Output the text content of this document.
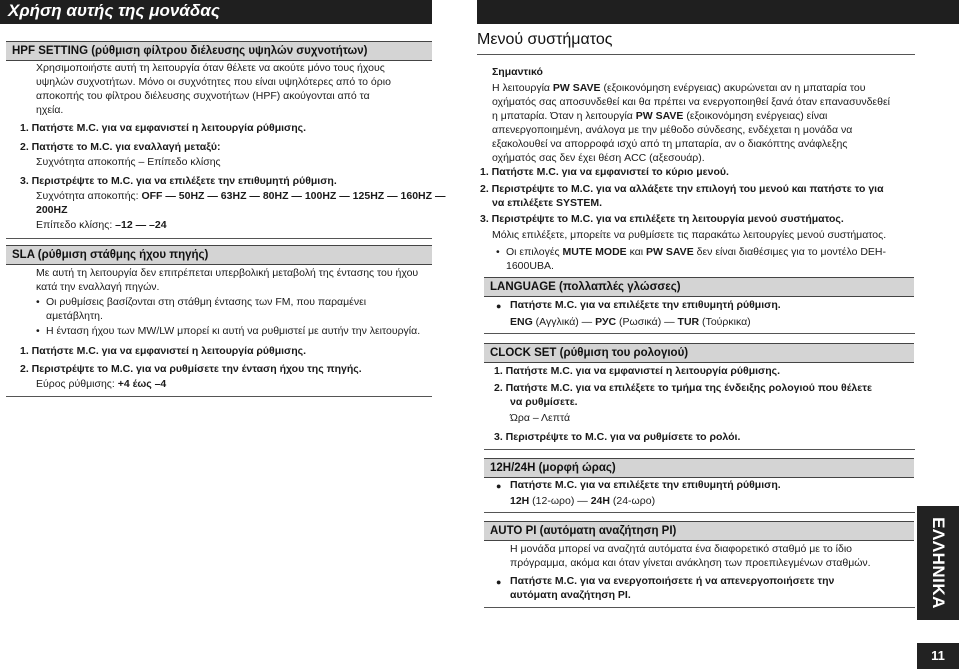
Χρήση αυτής της μονάδας
HPF SETTING (ρύθμιση φίλτρου διέλευσης υψηλών συχνοτήτων)
Χρησιμοποιήστε αυτή τη λειτουργία όταν θέλετε να ακούτε μόνο τους ήχους
υψηλών συχνοτήτων. Μόνο οι συχνότητες που είναι υψηλότερες από το όριο
αποκοπής του φίλτρου διέλευσης συχνοτήτων (HPF) ακούγονται από τα
ηχεία.
1. Πατήστε M.C. για να εμφανιστεί η λειτουργία ρύθμισης.
2. Πατήστε το M.C. για εναλλαγή μεταξύ:
Συχνότητα αποκοπής – Επίπεδο κλίσης
3. Περιστρέψτε το M.C. για να επιλέξετε την επιθυμητή ρύθμιση.
Συχνότητα αποκοπής: OFF — 50HZ — 63HZ — 80HZ — 100HZ — 125HZ — 160HZ —
200HZ
Επίπεδο κλίσης: –12 — –24
SLA (ρύθμιση στάθμης ήχου πηγής)
Με αυτή τη λειτουργία δεν επιτρέπεται υπερβολική μεταβολή της έντασης του ήχου
κατά την εναλλαγή πηγών.
• Οι ρυθμίσεις βασίζονται στη στάθμη έντασης των FM, που παραμένει
αμετάβλητη.
• Η ένταση ήχου των MW/LW μπορεί κι αυτή να ρυθμιστεί με αυτήν την λειτουργία.
1. Πατήστε M.C. για να εμφανιστεί η λειτουργία ρύθμισης.
2. Περιστρέψτε το M.C. για να ρυθμίσετε την ένταση ήχου της πηγής.
Εύρος ρύθμισης: +4 έως –4
Μενού συστήματος
Σημαντικό
Η λειτουργία PW SAVE (εξοικονόμηση ενέργειας) ακυρώνεται αν η μπαταρία του
οχήματός σας αποσυνδεθεί και θα πρέπει να ενεργοποιηθεί ξανά όταν επανασυνδεθεί
η μπαταρία. Όταν η λειτουργία PW SAVE (εξοικονόμηση ενέργειας) είναι
απενεργοποιημένη, ανάλογα με την μέθοδο σύνδεσης, ενδέχεται η μονάδα να
εξακολουθεί να απορροφά ισχύ από τη μπαταρία, αν ο διακόπτης ανάφλεξης
οχήματός σας δεν έχει θέση ACC (αξεσουάρ).
1. Πατήστε M.C. για να εμφανιστεί το κύριο μενού.
2. Περιστρέψτε το M.C. για να αλλάξετε την επιλογή του μενού και πατήστε το για
να επιλέξετε SYSTEM.
3. Περιστρέψτε το M.C. για να επιλέξετε τη λειτουργία μενού συστήματος.
Μόλις επιλέξετε, μπορείτε να ρυθμίσετε τις παρακάτω λειτουργίες μενού συστήματος.
• Οι επιλογές MUTE MODE και PW SAVE δεν είναι διαθέσιμες για το μοντέλο DEH-
1600UBA.
LANGUAGE (πολλαπλές γλώσσες)
● Πατήστε M.C. για να επιλέξετε την επιθυμητή ρύθμιση.
ENG (Αγγλικά) — РУС (Ρωσικά) — TUR (Τούρκικα)
CLOCK SET (ρύθμιση του ρολογιού)
1. Πατήστε M.C. για να εμφανιστεί η λειτουργία ρύθμισης.
2. Πατήστε M.C. για να επιλέξετε το τμήμα της ένδειξης ρολογιού που θέλετε
να ρυθμίσετε.
Ώρα – Λεπτά
3. Περιστρέψτε το M.C. για να ρυθμίσετε το ρολόι.
12H/24H (μορφή ώρας)
● Πατήστε M.C. για να επιλέξετε την επιθυμητή ρύθμιση.
12H (12-ωρο) — 24H (24-ωρο)
AUTO PI (αυτόματη αναζήτηση PI)
Η μονάδα μπορεί να αναζητά αυτόματα ένα διαφορετικό σταθμό με το ίδιο
πρόγραμμα, ακόμα και όταν γίνεται ανάκληση των προεπιλεγμένων σταθμών.
● Πατήστε M.C. για να ενεργοποιήσετε ή να απενεργοποιήσετε την
αυτόματη αναζήτηση PI.	ΕΛΛΗΝΙΚΑ
11
